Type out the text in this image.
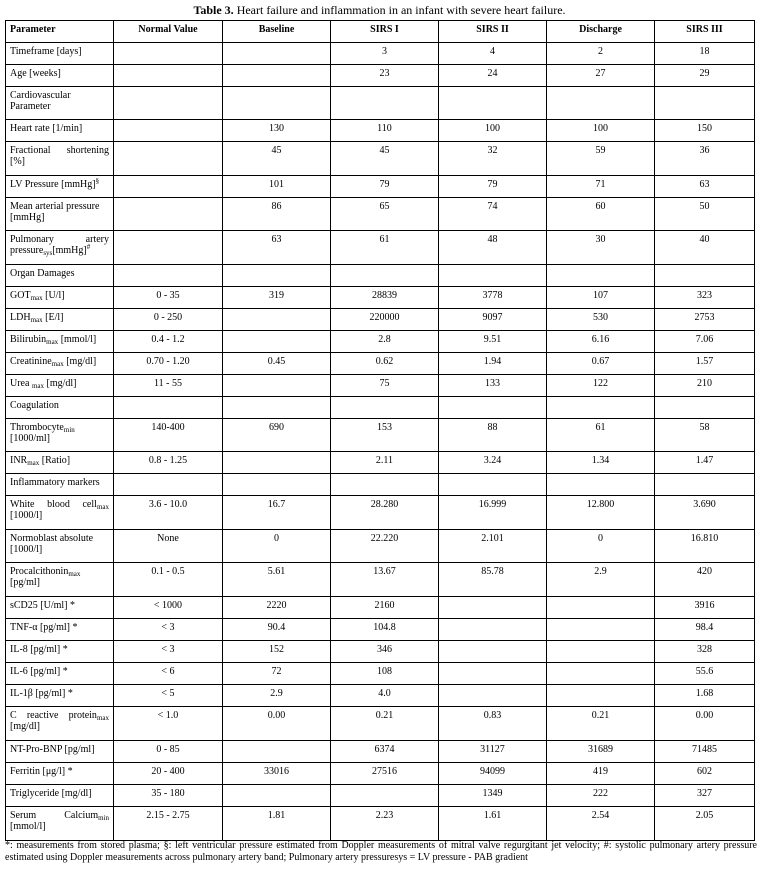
Table 3. Heart failure and inflammation in an infant with severe heart failure.
Parameter	Normal Value	Baseline	SIRS I	SIRS II	Discharge	SIRS III
Timeframe [days]			3	4	2	18
Age [weeks]			23	24	27	29
Cardiovascular Parameter						
Heart rate [1/min]		130	110	100	100	150

Fractional shortening [%]		45	45	32	59	36
LV Pressure [mmHg]§		101	79	79	71	63
Mean arterial pressure [mmHg]		86	65	74	60	50

Pulmonary artery pressure$_{sys}$[mmHg]#		63	61	48	30	40
Organ Damages						
$GOT_{max}$ [U/l]	0 - 35	319	28839	3778	107	323
$LDH_{max}$ [E/l]	0 - 250		220000	9097	530	2753
Bilirubin$_{max}$ [mmol/l]	0.4 - 1.2		2.8	9.51	6.16	7.06
Creatinine$_{max}$ [mg/dl]	0.70 - 1.20	0.45	0.62	1.94	0.67	1.57
Urea $_{max}$ [mg/dl]	11 - 55		75	133	122	210
Coagulation						
Thrombocyte$_{min}$ [1000/ml]	140-400	690	153	88	61	58
$INR_{max}$ [Ratio]	0.8 - 1.25		2.11	3.24	1.34	1.47
Inflammatory markers						

White blood cell$_{max}$ [1000/l]	3.6 - 10.0	16.7	28.280	16.999	12.800	3.690
Normoblast absolute [1000/l]	None	0	22.220	2.101	0	16.810
Procalcithonin$_{max}$ [pg/ml]	0.1 - 0.5	5.61	13.67	85.78	2.9	420
sCD25 [U/ml] *	< 1000	2220	2160			3916
TNF-α [pg/ml] *	< 3	90.4	104.8			98.4
IL-8 [pg/ml] *	< 3	152	346			328
IL-6 [pg/ml] *	< 6	72	108			55.6
IL-1β [pg/ml] *	< 5	2.9	4.0			1.68

C reactive protein$_{max}$ [mg/dl]	< 1.0	0.00	0.21	0.83	0.21	0.00
NT-Pro-BNP [pg/ml]	0 - 85		6374	31127	31689	71485
Ferritin [μg/l] *	20 - 400	33016	27516	94099	419	602
Triglyceride [mg/dl]	35 - 180			1349	222	327

Serum Calcium$_{min}$ [mmol/l]	2.15 - 2.75	1.81	2.23	1.61	2.54	2.05
*: measurements from stored plasma; §: left ventricular pressure estimated from Doppler measurements of mitral valve regurgitant jet velocity; #: systolic pulmonary artery pressure estimated using Doppler measurements across pulmonary artery band; Pulmonary artery pressuresys = LV pressure - PAB gradient
